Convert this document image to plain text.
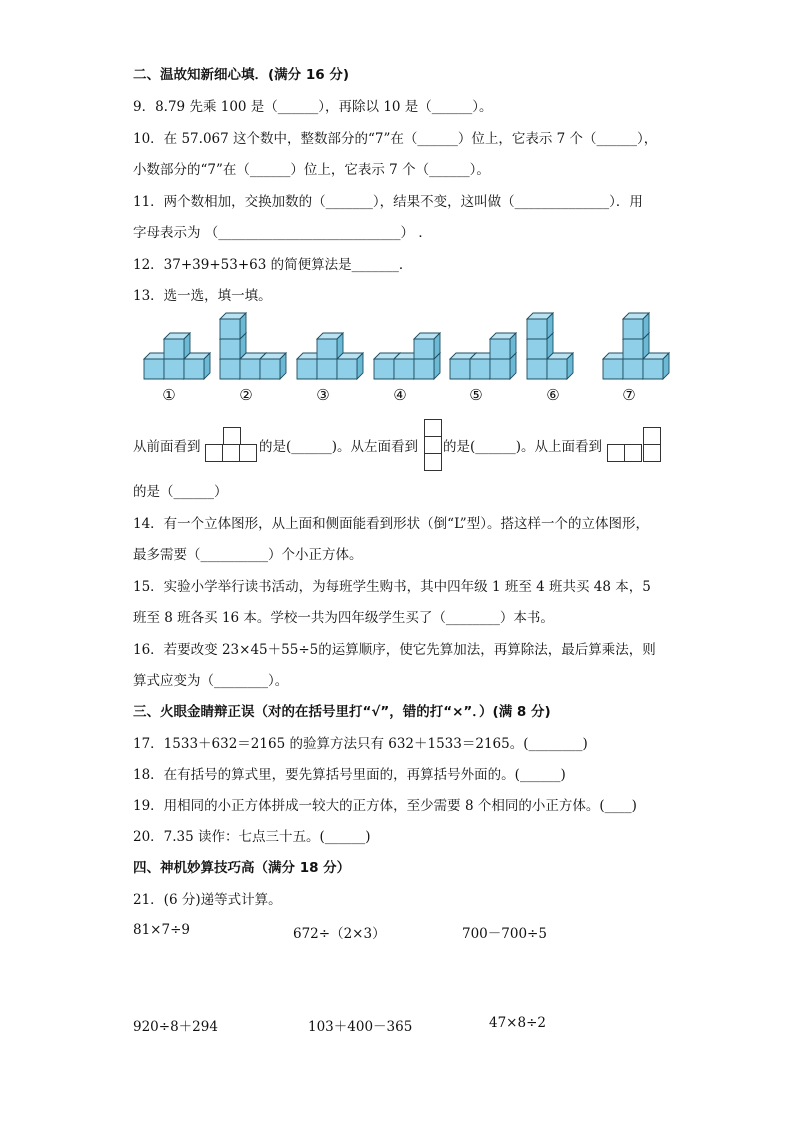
二、温故知新细心填．(满分 16 分)
9．8.79 先乘 100 是（______），再除以 10 是（______）。
10．在 57.067 这个数中，整数部分的“7”在（______）位上，它表示 7 个（______），
小数部分的“7”在（______）位上，它表示 7 个（______）。
11．两个数相加，交换加数的（_______），结果不变，这叫做（______________）．用
字母表示为 （___________________________） ．
12．37+39+53+63 的简便算法是_______．
13．选一选，填一填。
①	②	③	④	⑤	⑥	⑦
从前面看到	的是(______)。从左面看到 的是(______)。从上面看到
的是（______）
14．有一个立体图形，从上面和侧面能看到形状（倒“L”型）。搭这样一个的立体图形，
最多需要（__________）个小正方体。
15．实验小学举行读书活动，为每班学生购书，其中四年级 1 班至 4 班共买 48 本，5
班至 8 班各买 16 本。学校一共为四年级学生买了（________）本书。
16．若要改变 23×45＋55÷5的运算顺序，使它先算加法，再算除法，最后算乘法，则
算式应变为（________）。
三、火眼金睛辩正误（对的在括号里打“√”，错的打“×”．）(满 8 分)
17．1533＋632＝2165 的验算方法只有 632＋1533＝2165。(________)
18．在有括号的算式里，要先算括号里面的，再算括号外面的。(______)
19．用相同的小正方体拼成一较大的正方体，至少需要 8 个相同的小正方体。(____)
20．7.35 读作：七点三十五。(______)
四、神机妙算技巧高（满分 18 分）
21．(6 分)递等式计算。
81×7÷9	672÷（2×3）	700－700÷5
920÷8＋294	103＋400－365	47×8÷2
